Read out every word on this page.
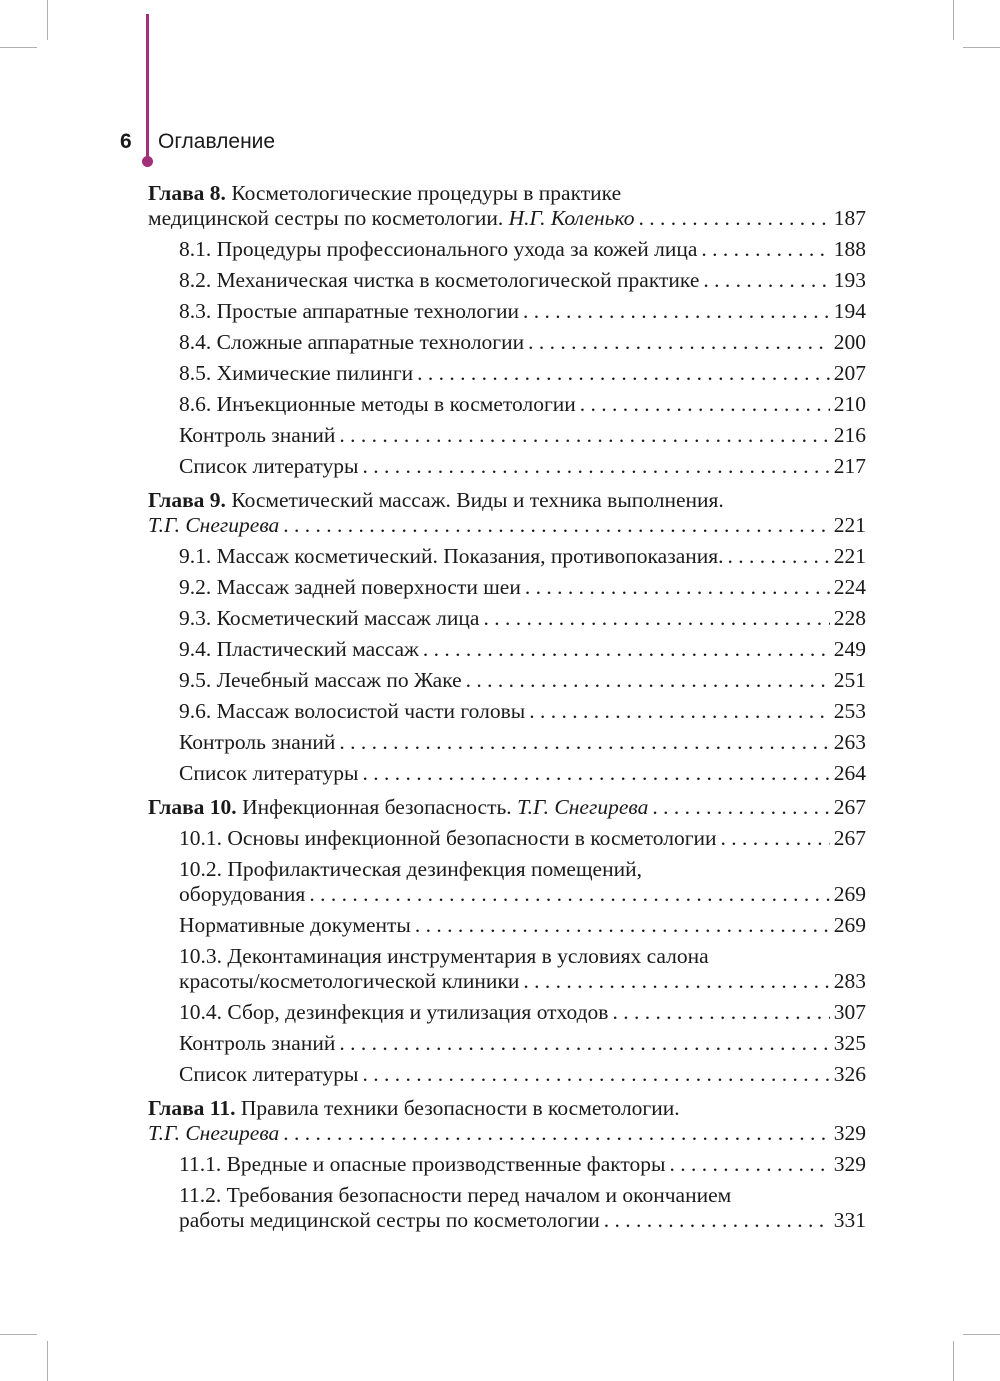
6 Оглавление
Глава 8. Косметологические процедуры в практике
медицинской сестры по косметологии. Н.Г. Коленько . . .	187
8.1. Процедуры профессионального ухода за кожей лица . . .	188
8.2. Механическая чистка в косметологической практике . . .	193
8.3. Простые аппаратные технологии . . .	194
8.4. Сложные аппаратные технологии . . .	200
8.5. Химические пилинги . . .	207
8.6. Инъекционные методы в косметологии . . .	210
Контроль знаний . . .	216
Список литературы . . .	217
Глава 9. Косметический массаж. Виды и техника выполнения.
Т.Г. Снегирева . . .	221
9.1. Массаж косметический. Показания, противопоказания. . . .	221
9.2. Массаж задней поверхности шеи . . .	224
9.3. Косметический массаж лица . . .	228
9.4. Пластический массаж . . .	249
9.5. Лечебный массаж по Жаке . . .	251
9.6. Массаж волосистой части головы . . .	253
Контроль знаний . . .	263
Список литературы . . .	264
Глава 10. Инфекционная безопасность. Т.Г. Снегирева . . .	267
10.1. Основы инфекционной безопасности в косметологии . . .	267
10.2. Профилактическая дезинфекция помещений,
оборудования . . .	269
Нормативные документы . . .	269
10.3. Деконтаминация инструментария в условиях салона
красоты/косметологической клиники . . .	283
10.4. Сбор, дезинфекция и утилизация отходов . . .	307
Контроль знаний . . .	325
Список литературы . . .	326
Глава 11. Правила техники безопасности в косметологии.
Т.Г. Снегирева . . .	329
11.1. Вредные и опасные производственные факторы . . .	329
11.2. Требования безопасности перед началом и окончанием
работы медицинской сестры по косметологии . . .	331
